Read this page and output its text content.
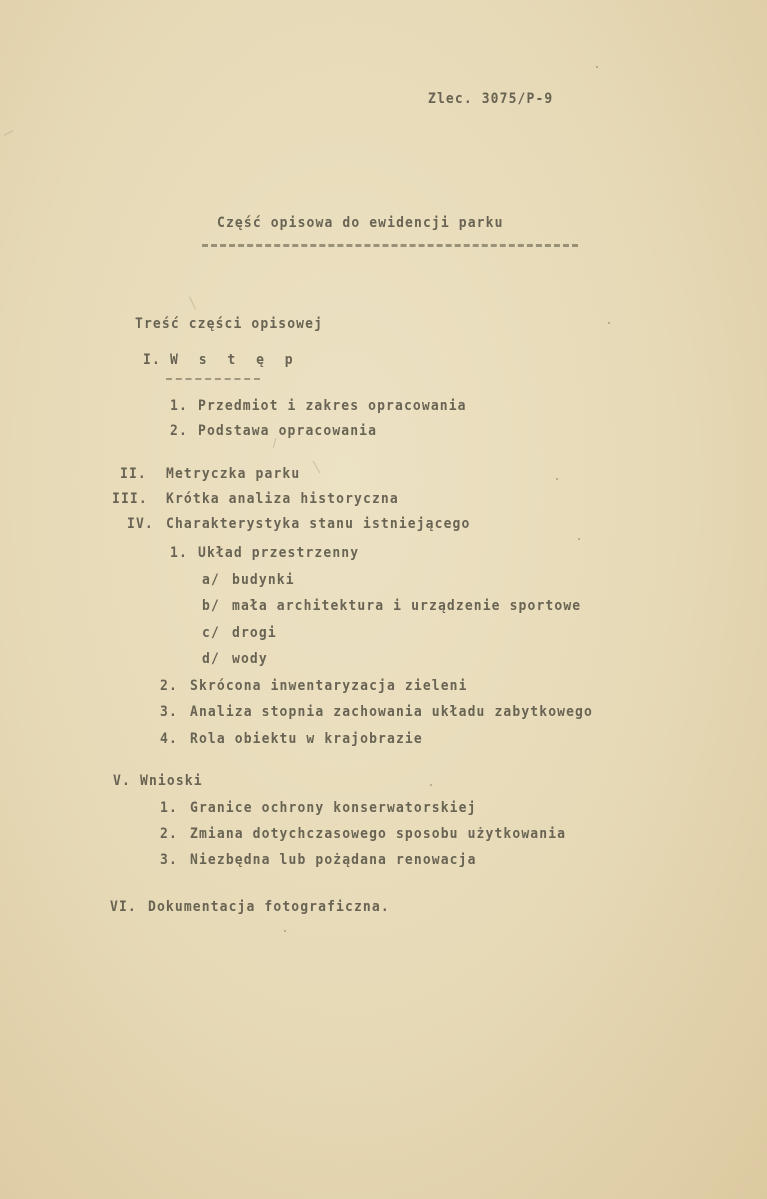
Zlec. 3075/P-9
Część opisowa do ewidencji parku
Treść części opisowej
I. W s t ę p
1. Przedmiot i zakres opracowania
2. Podstawa opracowania
II. Metryczka parku
III. Krótka analiza historyczna
IV. Charakterystyka stanu istniejącego
1. Układ przestrzenny
a/ budynki
b/ mała architektura i urządzenie sportowe
c/ drogi
d/ wody
2. Skrócona inwentaryzacja zieleni
3. Analiza stopnia zachowania układu zabytkowego
4. Rola obiektu w krajobrazie
V. Wnioski
1. Granice ochrony konserwatorskiej
2. Zmiana dotychczasowego sposobu użytkowania
3. Niezbędna lub pożądana renowacja
VI. Dokumentacja fotograficzna.
